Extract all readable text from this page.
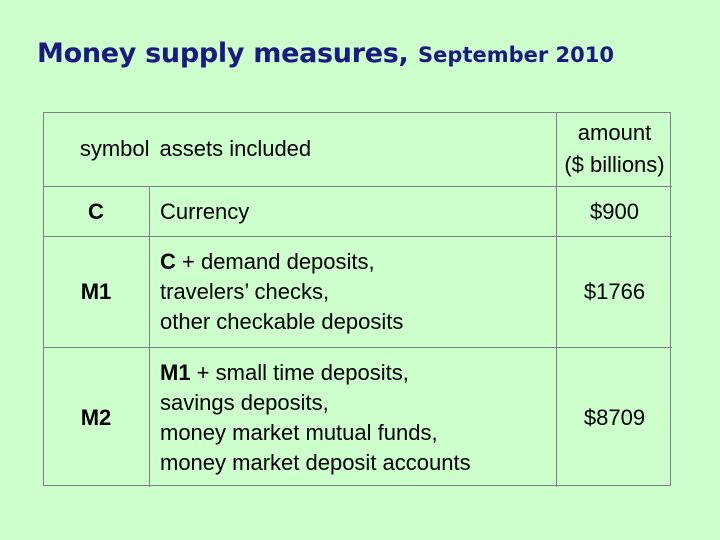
Money supply measures, September 2010
symbol	assets included	amount
($ billions)

C	Currency	$900
M1	C + demand deposits,
travelers’ checks,
other checkable deposits	$1766
M2	M1 + small time deposits,
savings deposits,
money market mutual funds,
money market deposit accounts	$8709
